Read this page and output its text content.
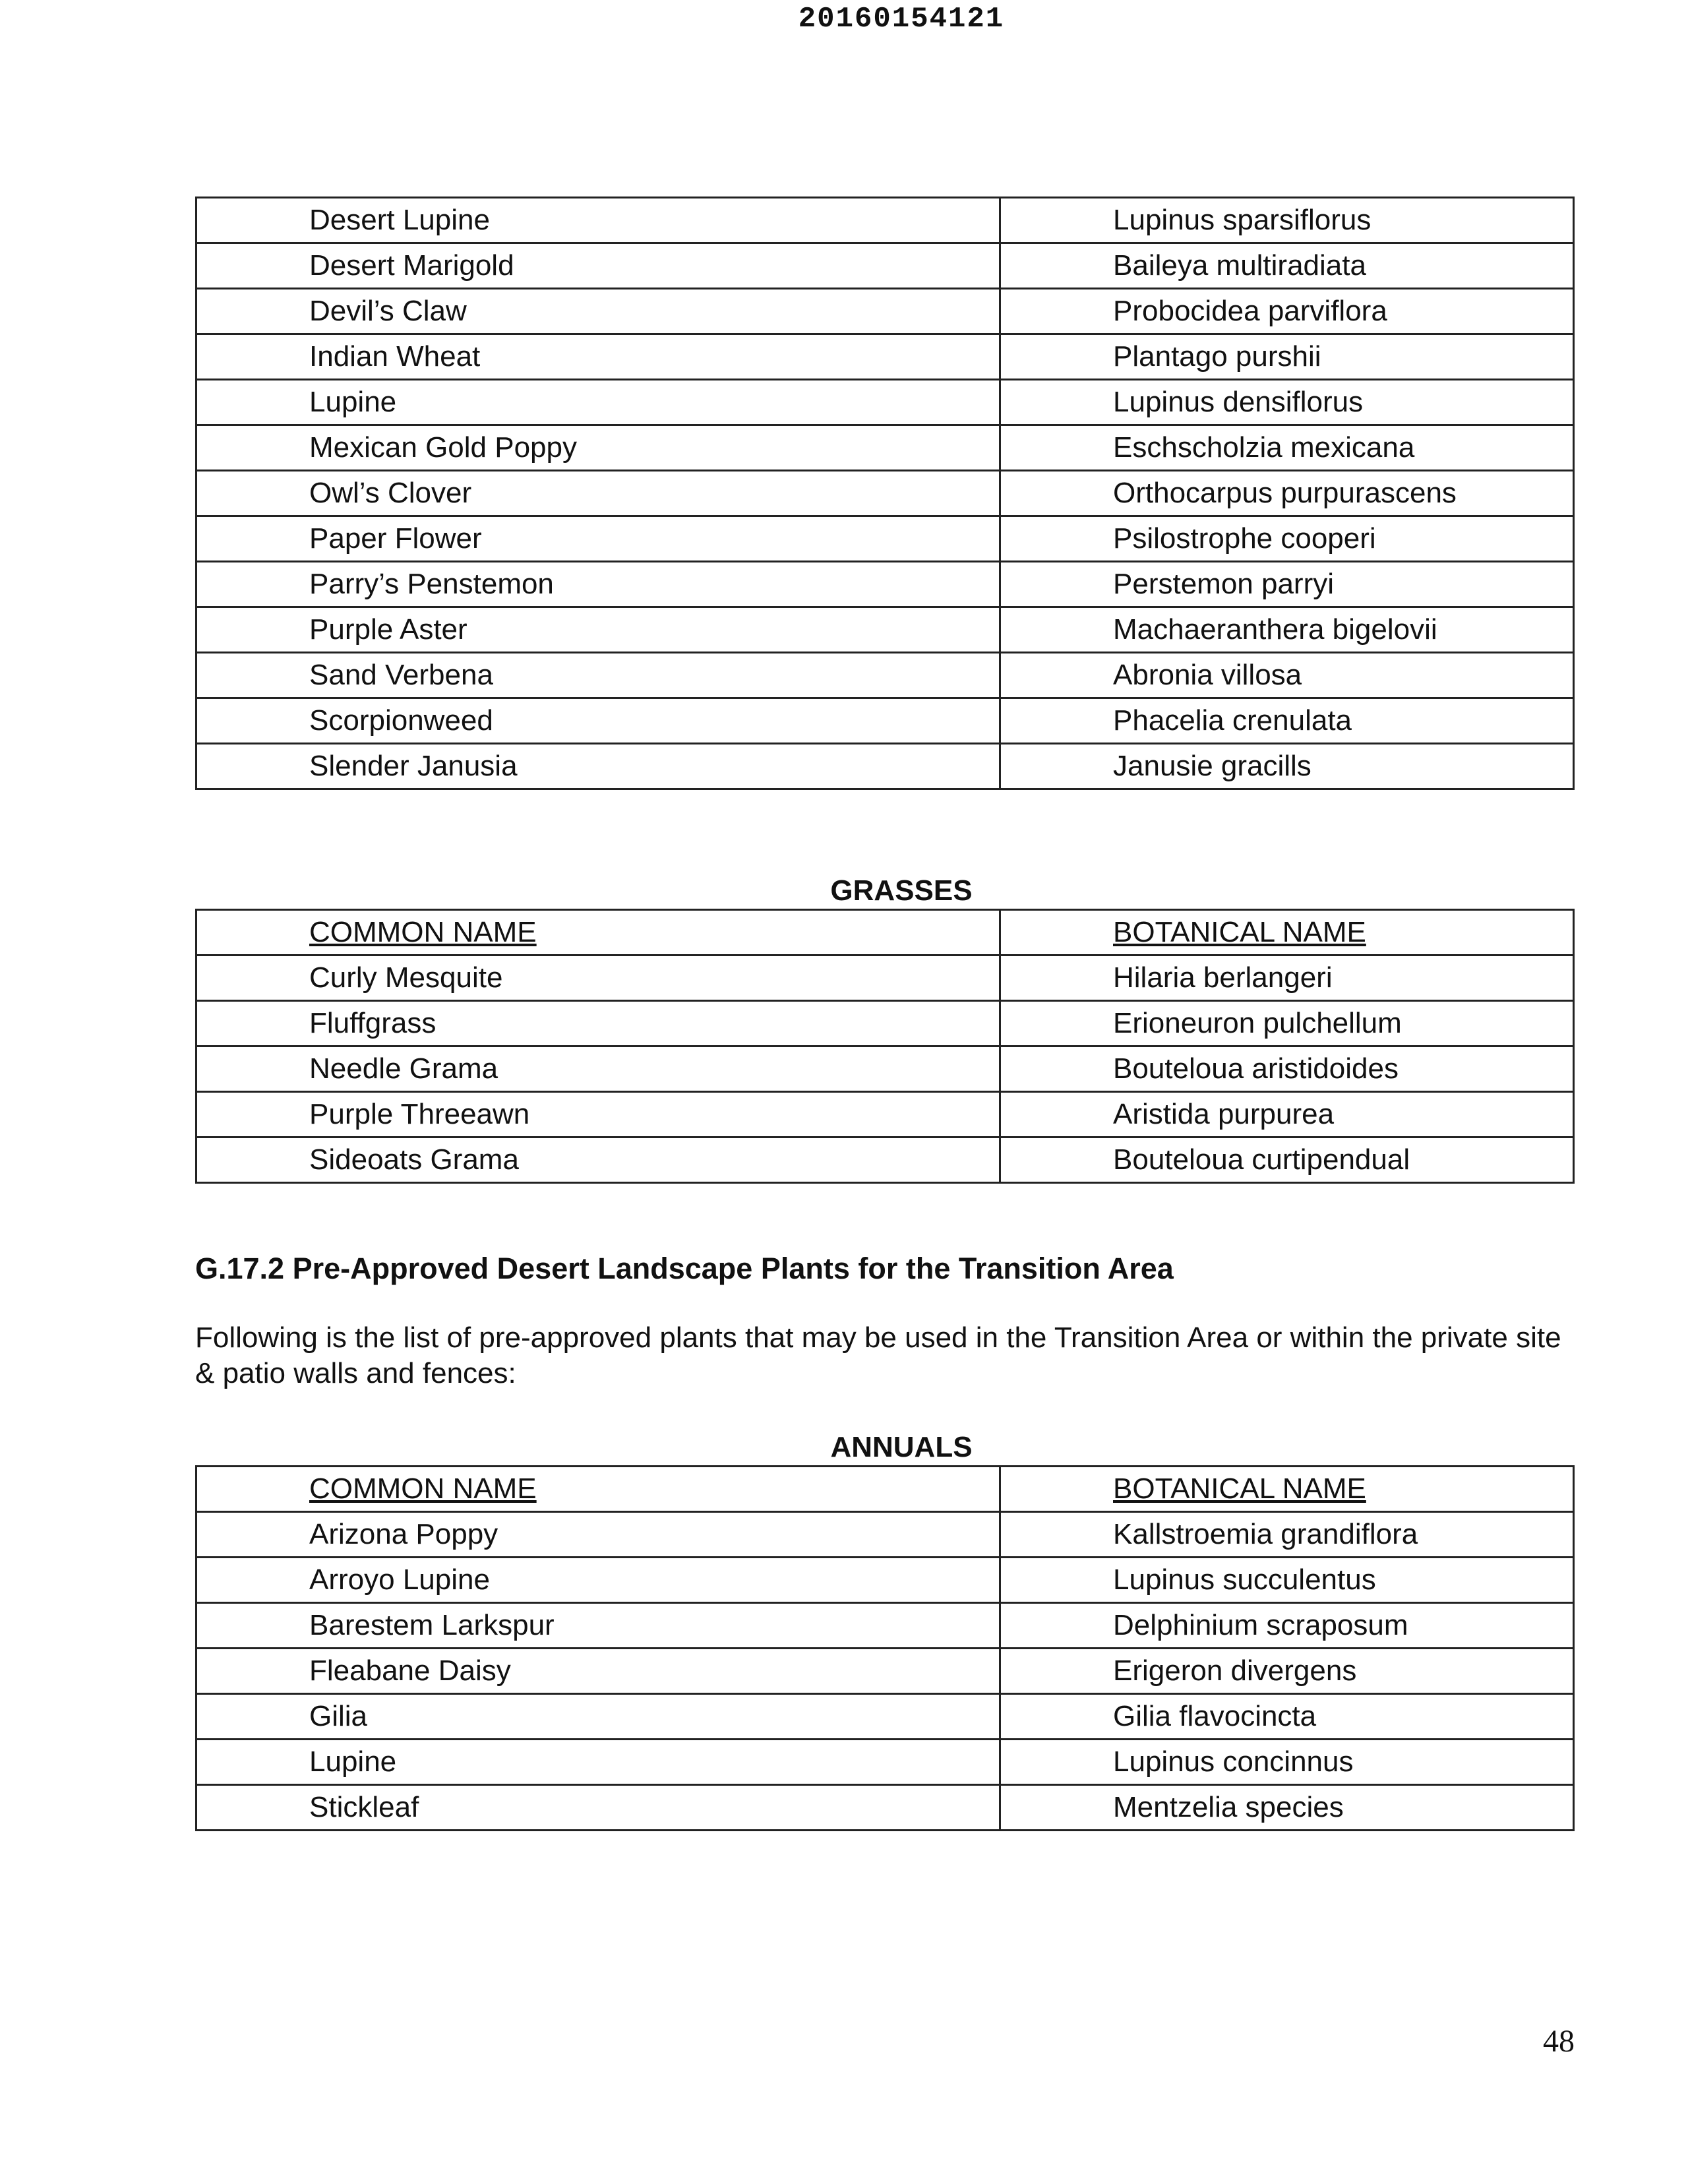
20160154121
Desert Lupine	Lupinus sparsiflorus
Desert Marigold	Baileya multiradiata
Devil’s Claw	Probocidea parviflora
Indian Wheat	Plantago purshii
Lupine	Lupinus densiflorus
Mexican Gold Poppy	Eschscholzia mexicana
Owl’s Clover	Orthocarpus purpurascens
Paper Flower	Psilostrophe cooperi
Parry’s Penstemon	Perstemon parryi
Purple Aster	Machaeranthera bigelovii
Sand Verbena	Abronia villosa
Scorpionweed	Phacelia crenulata
Slender Janusia	Janusie gracills
GRASSES
COMMON NAME	BOTANICAL NAME
Curly Mesquite	Hilaria berlangeri
Fluffgrass	Erioneuron pulchellum
Needle Grama	Bouteloua aristidoides
Purple Threeawn	Aristida purpurea
Sideoats Grama	Bouteloua curtipendual
G.17.2 Pre-Approved Desert Landscape Plants for the Transition Area
Following is the list of pre-approved plants that may be used in the Transition Area or within the private site & patio walls and fences:
ANNUALS
COMMON NAME	BOTANICAL NAME
Arizona Poppy	Kallstroemia grandiflora
Arroyo Lupine	Lupinus succulentus
Barestem Larkspur	Delphinium scraposum
Fleabane Daisy	Erigeron divergens
Gilia	Gilia flavocincta
Lupine	Lupinus concinnus
Stickleaf	Mentzelia species
48
